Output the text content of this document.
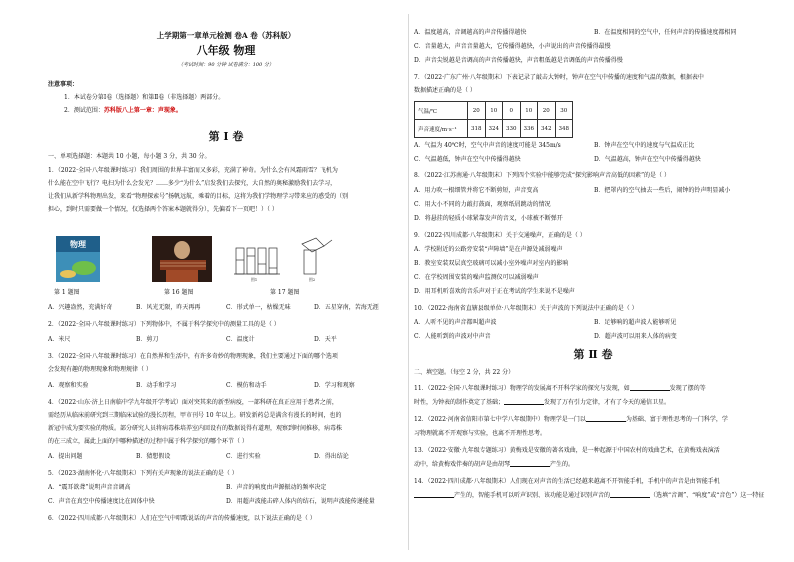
上学期第一章单元检测 卷A 卷（苏科版）
八年级 物理
（考试时间：90 分钟 试卷满分：100 分）
注意事项：
1．本试卷分第Ⅰ卷（选择题）和第Ⅱ卷（非选择题）两部分。
2．测试范围：苏科版八上第一章：声现象。
第 Ⅰ 卷
一、单项选择题：本题共 10 小题，每小题 3 分，共 30 分。
1．（2022·全国·八年级课时练习）我们周围的世界丰富而又多彩，充满了神奇。为什么会有风霜雨雪？飞机为
什么能在空中飞行？电扫为什么会发光？……多少“为什么”启发我们去探究，大自然的奥秘激励我们去学习，
让我们从新学科物理出发，来看“物理探索号”扬帆远航，乘着的目标，这将为我们学物理学习带来应的惑受的（别
担心，到时只需要做一个情况，仅选择两个答案本题就得分），先偏看下一页吧！）（ ）
物理
图1	图2
第 1 题图	第 16 题图	第 17 题图
A．兴趣盎然，充满好奇	B．风光无限，昨天再再	C．形式单一，枯燥无味	D．五星穿南，苦海无涯
2．（2022·全国·八年级课时练习）下列物体中，不属于科学探究中的测量工具的是（ ）
A．米尺	B．剪刀	C．温度计	D．天平
3．（2022·全国·八年级课时练习）在自然界和生活中，有许多奇妙的物理现象，我们主要通过下面的哪个选项
会发现有趣的物理现象和物理规律（ ）
A．观察和实验	B．动手和学习	C．模仿和动手	D．学习和观察
4．（2022·山东·济上日南临中学九年级开学考试）面对突其来的新型病疫，一部科研在真正应用于患者之前，
需经历从临床前研究到三期临床试验的漫长历程，甲市刊号 10 年以上。研发新药总是满含有漫长的时间，也的
新冠中成为要实验的物质。部分研究人员将病毒株培养室内回设有的数据说得有道理，观察到时间推移，病毒株
的在三成立，属此上面的中哪种描述的过程中属于科学探究的哪个环节（ ）
A．提出问题	B．猜想假设	C．进行实验	D．得出结论
5．（2023·湖南怀化·八年级期末）下列有关声现象的说法正确的是（ ）
A．“震耳欲聋”说明声音音调高	B．声音的响度由声源振动的频率决定
C．声音在真空中传播速度比在固体中快	D．用超声波能击碎人体内的结石，说明声波能传递能量
6．（2022·四川成都·八年级期末）人们在空气中唱歌说话的声音的传播速度，以下说法正确的是（ ）
A．温度越高，音调越高的声音传播得越快	B．在温度相同的空气中，任何声音的传播速度都相同
C．音量越大，声音音量越大，它传播得越快，小声说出的声音传播得最慢
D．声音尖锐越是音调高的声音传播越快，声音粗低越是音调低的声音传播得慢
7．（2022·广东广州·八年级期末）下表记录了敲击大钟时，钟声在空气中传播的速度和气温的数据，根据表中
数据描述正确的是（ ）
气温/℃	20	10	0	10	20	30
声音速度/m·s⁻¹	318	324	330	336	342	348
A．气温为 40℃时，空气中声音的速度可能是 345m/s	B．钟声在空气中的速度与气温成正比
C．气温越低，钟声在空气中传播得越快	D．气温越高，钟声在空气中传播得越快
8．（2022·江苏南通·八年级期末）下列四个实验中能够完成“探究影响声音高低的因素”的是（ ）
A．用力吹一根细管并将它不断剪短，声音变高	B．把罩内的空气抽去一些后，闹钟的铃声明显减小
C．用大小不同的力敲打鼓面，观察纸屑跳动的情况
D．将悬挂的轻质小球紧靠发声的音叉，小球被不断弹开
9．（2022·四川成都·八年级期末）关于交通噪声，正确的是（ ）
A．学校附近的公路旁安装“声障墙”是在声源处减弱噪声
B．教室安装双层真空玻璃可以减小室外噪声对室内的影响
C．在学校周围安装的噪声监测仪可以减弱噪声
D．用耳机听喜欢的音乐声对于正在考试的学生来说不是噪声
10．（2022·海南省直辖县级单位·八年级期末）关于声波的下列说法中正确的是（ ）
A．人听不见的声音都叫超声波	B．足够响的超声波人能够听见
C．人能听到的声波对中声音	D．超声波可以用来人体的病变
第 Ⅱ 卷
二、填空题。（每空 2 分，共 22 分）
11．（2022·全国·八年级课时练习）物理学的发展离不开科学家的探究与发现，如	发现了摆的等
时性，为钟表的制作奠定了基础；	发现了万有引力定律，才有了今天的通信卫星。
12．（2022·河南省信阳市第七中学八年级期中）物理学是一门以	为基础、富于理性思考的一门科学，学
习物理就离不开观察与实验，也离不开理性思考。
13．（2022·安徽·九年级专题练习）黄梅戏是安徽的著名戏曲，是一种起源于中国农村的戏曲艺术，在黄梅戏表演活
动中，给黄梅戏伴奏的胡声是由胡琴	产生的。
14．（2022·四川成都·八年级期末）人们现在对声音的生活已经越来越离不开智能手机，手机中的声音是由智能手机
产生的，智能手机可以听声识别、该功能是通过识别声音的	（选填“音调”、“响度”或“音色”）这一特征
